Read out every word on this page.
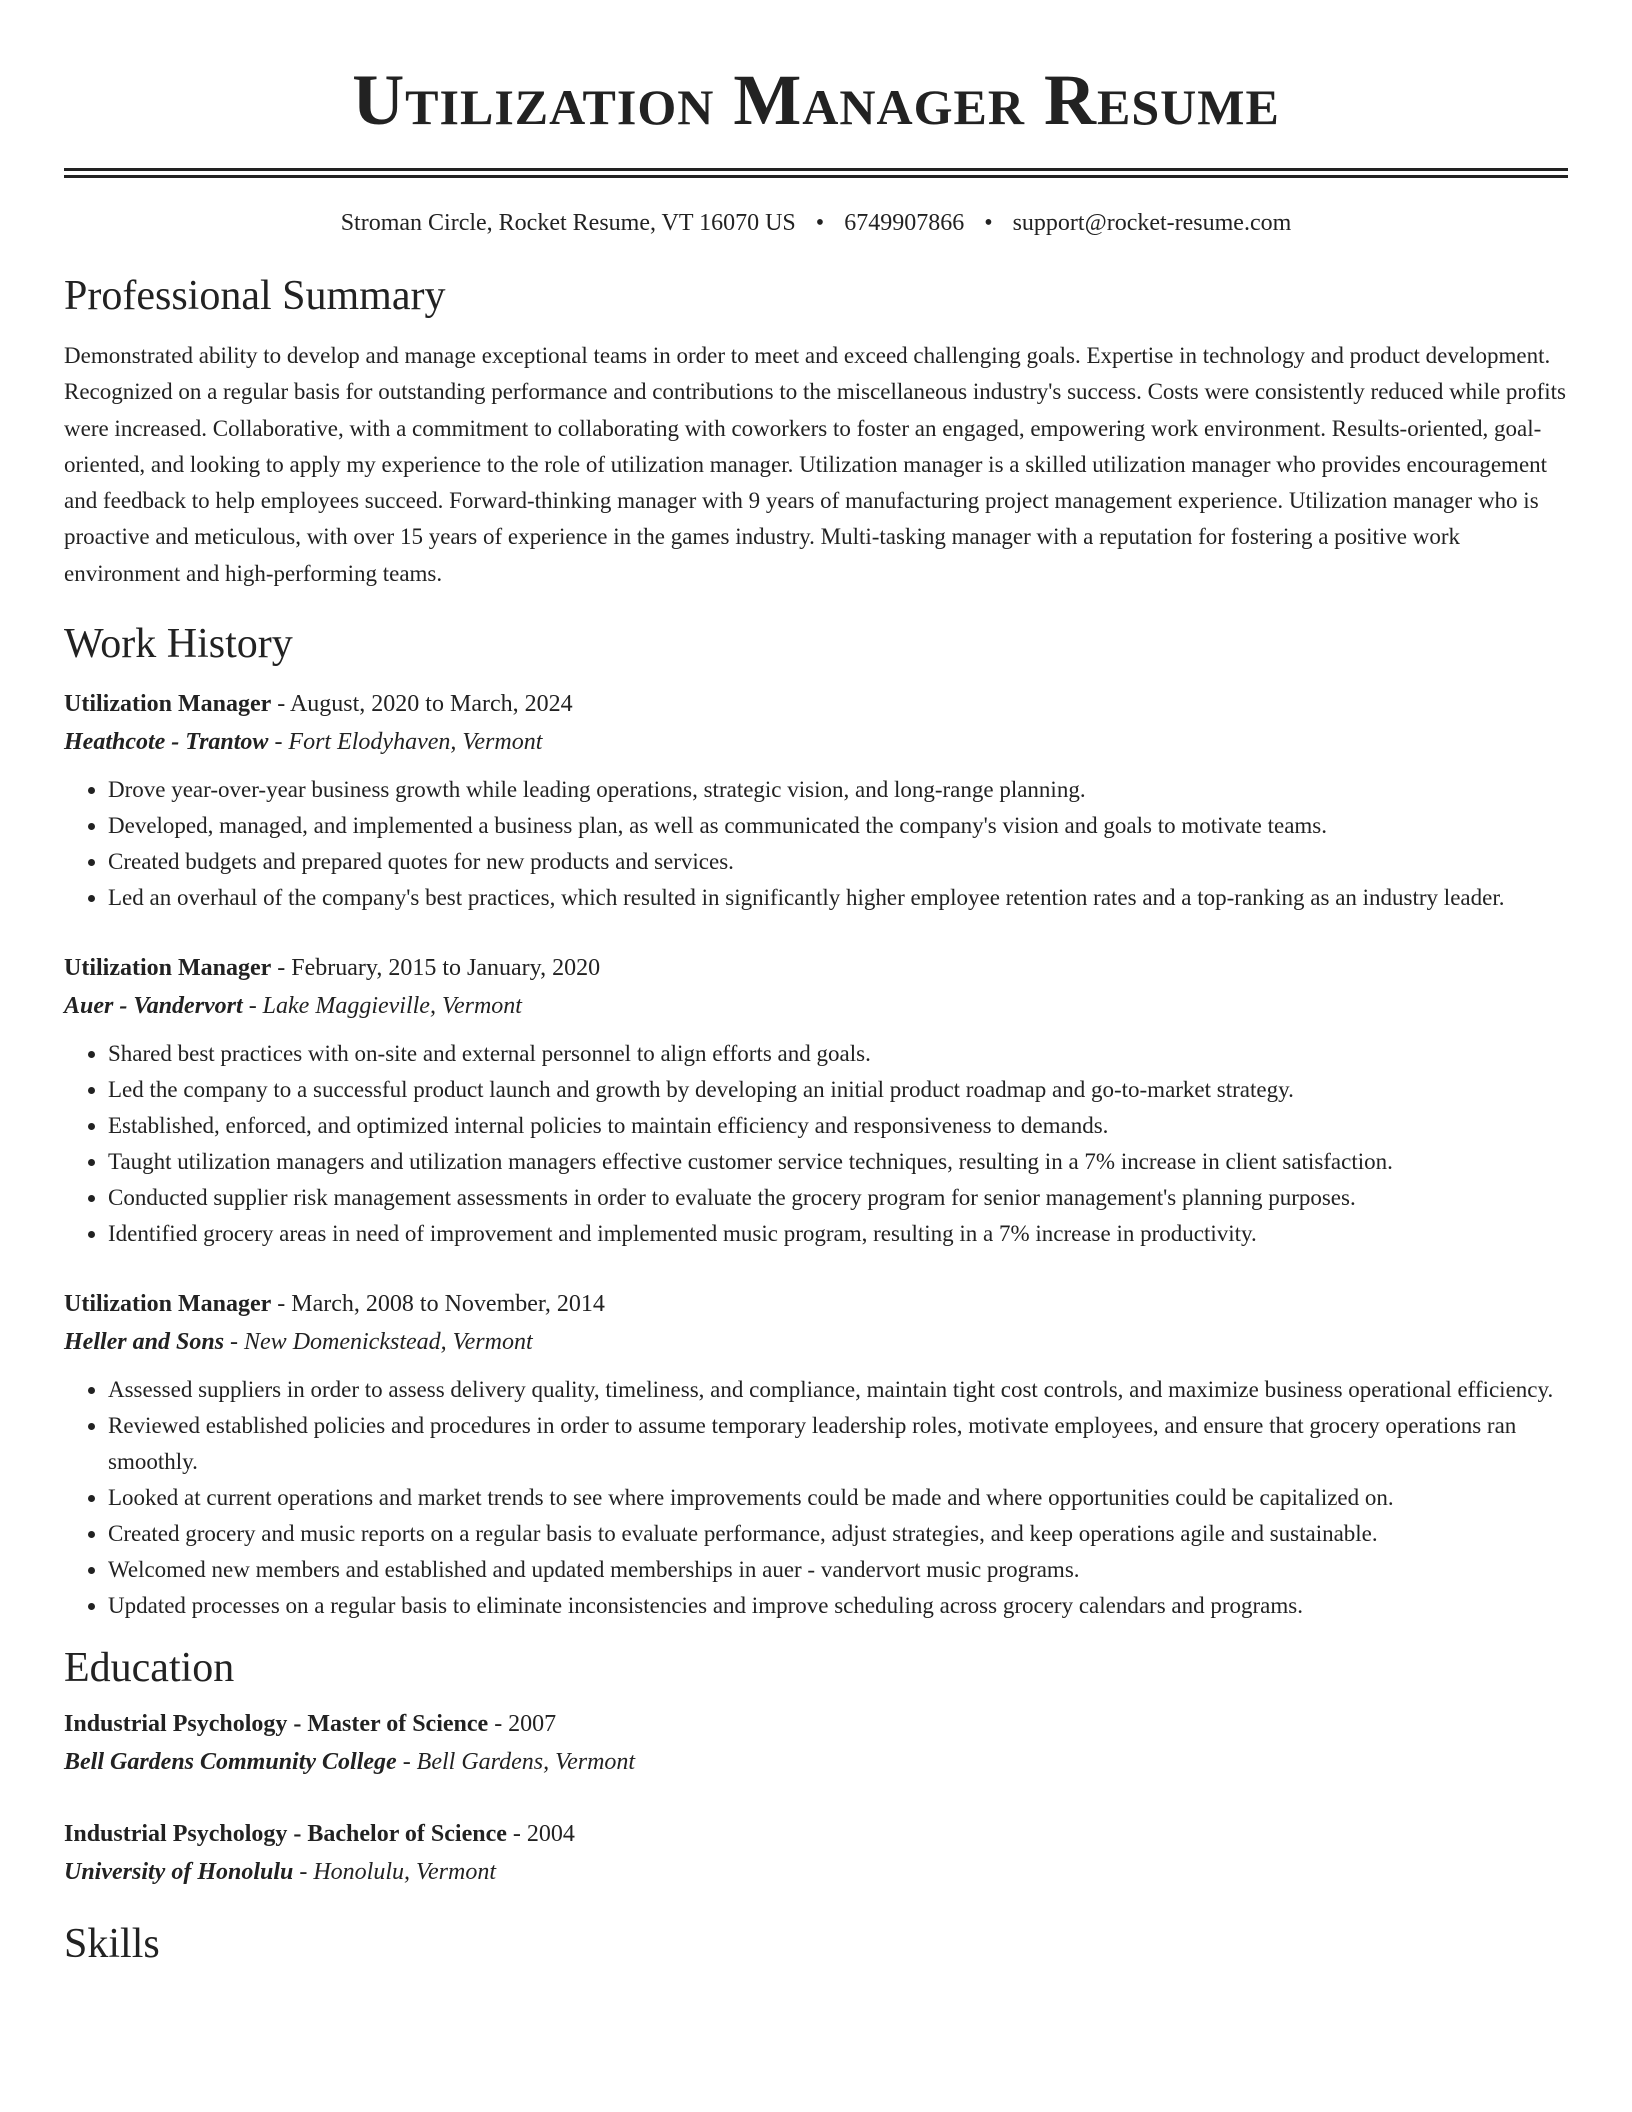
Utilization Manager Resume
Stroman Circle, Rocket Resume, VT 16070 US • 6749907866 • support@rocket-resume.com
Professional Summary

Demonstrated ability to develop and manage exceptional teams in order to meet and exceed challenging goals. Expertise in technology and product development. Recognized on a regular basis for outstanding performance and contributions to the miscellaneous industry's success. Costs were consistently reduced while profits were increased. Collaborative, with a commitment to collaborating with coworkers to foster an engaged, empowering work environment. Results-oriented, goal-oriented, and looking to apply my experience to the role of utilization manager. Utilization manager is a skilled utilization manager who provides encouragement and feedback to help employees succeed. Forward-thinking manager with 9 years of manufacturing project management experience. Utilization manager who is proactive and meticulous, with over 15 years of experience in the games industry. Multi-tasking manager with a reputation for fostering a positive work environment and high-performing teams.

Work History
Utilization Manager - August, 2020 to March, 2024
Heathcote - Trantow - Fort Elodyhaven, Vermont
• Drove year-over-year business growth while leading operations, strategic vision, and long-range planning.
• Developed, managed, and implemented a business plan, as well as communicated the company's vision and goals to motivate teams.
• Created budgets and prepared quotes for new products and services.
• Led an overhaul of the company's best practices, which resulted in significantly higher employee retention rates and a top-ranking as an industry leader.
Utilization Manager - February, 2015 to January, 2020
Auer - Vandervort - Lake Maggieville, Vermont
• Shared best practices with on-site and external personnel to align efforts and goals.
• Led the company to a successful product launch and growth by developing an initial product roadmap and go-to-market strategy.
• Established, enforced, and optimized internal policies to maintain efficiency and responsiveness to demands.
• Taught utilization managers and utilization managers effective customer service techniques, resulting in a 7% increase in client satisfaction.
• Conducted supplier risk management assessments in order to evaluate the grocery program for senior management's planning purposes.
• Identified grocery areas in need of improvement and implemented music program, resulting in a 7% increase in productivity.
Utilization Manager - March, 2008 to November, 2014
Heller and Sons - New Domenickstead, Vermont
• Assessed suppliers in order to assess delivery quality, timeliness, and compliance, maintain tight cost controls, and maximize business operational efficiency.
• Reviewed established policies and procedures in order to assume temporary leadership roles, motivate employees, and ensure that grocery operations ran smoothly.
• Looked at current operations and market trends to see where improvements could be made and where opportunities could be capitalized on.
• Created grocery and music reports on a regular basis to evaluate performance, adjust strategies, and keep operations agile and sustainable.
• Welcomed new members and established and updated memberships in auer - vandervort music programs.
• Updated processes on a regular basis to eliminate inconsistencies and improve scheduling across grocery calendars and programs.
Education
Industrial Psychology - Master of Science - 2007
Bell Gardens Community College - Bell Gardens, Vermont
Industrial Psychology - Bachelor of Science - 2004
University of Honolulu - Honolulu, Vermont
Skills
